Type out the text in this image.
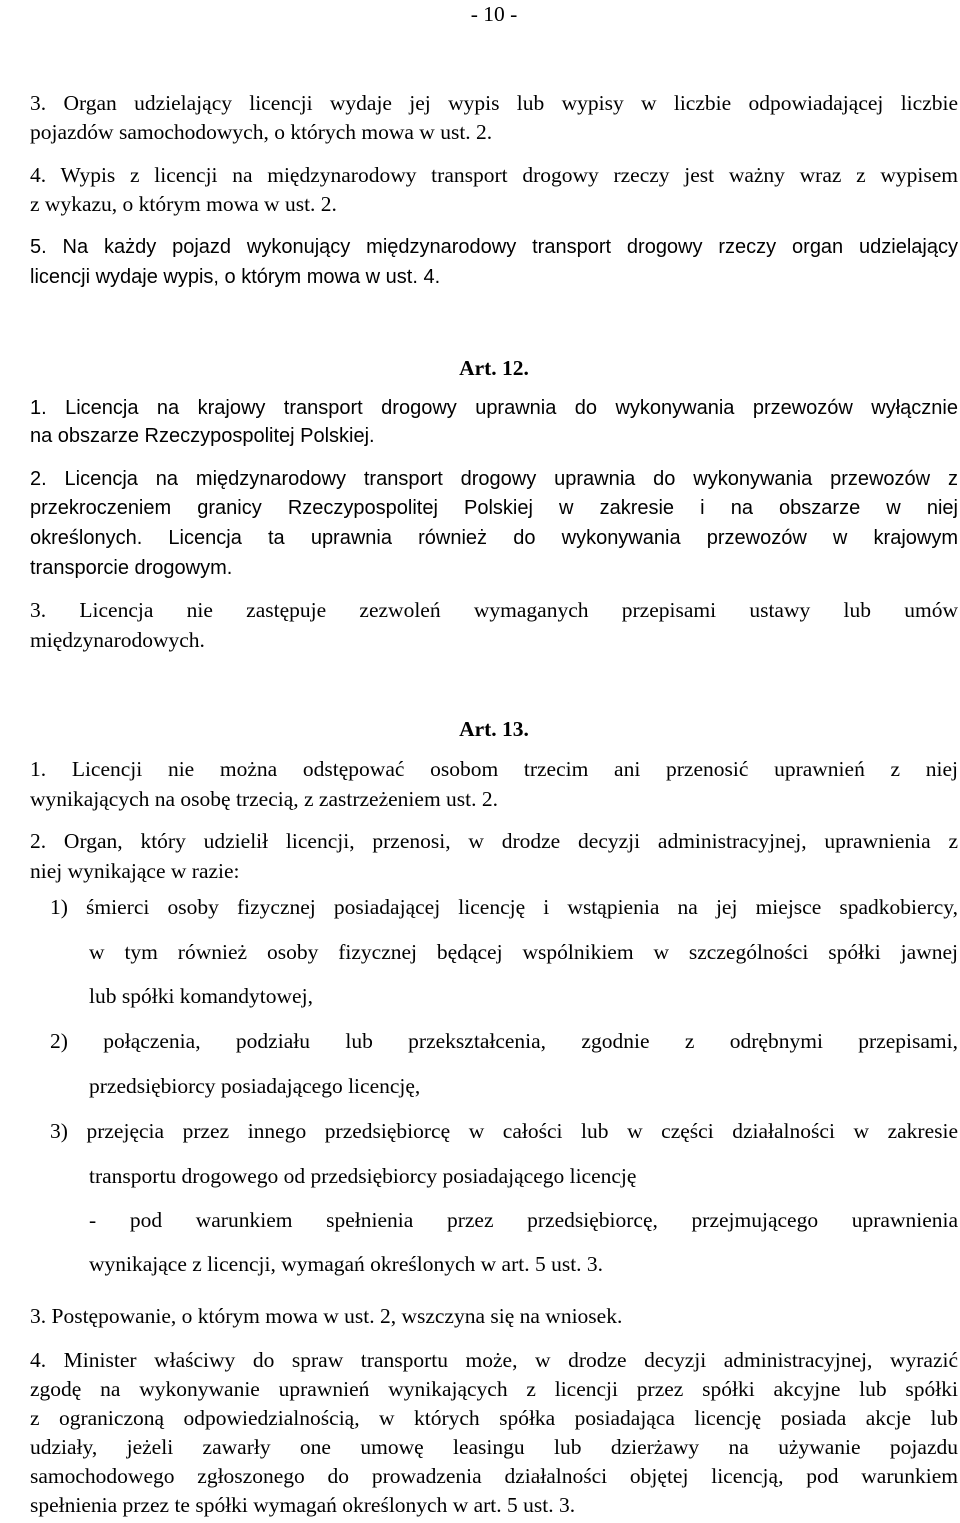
- 10 -
3. Organ udzielający licencji wydaje jej wypis lub wypisy w liczbie odpowiadającej liczbie
pojazdów samochodowych, o których mowa w ust. 2.
4. Wypis z licencji na międzynarodowy transport drogowy rzeczy jest ważny wraz z wypisem
z wykazu, o którym mowa w ust. 2.
5. Na każdy pojazd wykonujący międzynarodowy transport drogowy rzeczy organ udzielający
licencji wydaje wypis, o którym mowa w ust. 4.
Art. 12.
1. Licencja na krajowy transport drogowy uprawnia do wykonywania przewozów wyłącznie
na obszarze Rzeczypospolitej Polskiej.
2. Licencja na międzynarodowy transport drogowy uprawnia do wykonywania przewozów z
przekroczeniem granicy Rzeczypospolitej Polskiej w zakresie i na obszarze w niej
określonych. Licencja ta uprawnia również do wykonywania przewozów w krajowym
transporcie drogowym.
3. Licencja nie zastępuje zezwoleń wymaganych przepisami ustawy lub umów
międzynarodowych.
Art. 13.
1. Licencji nie można odstępować osobom trzecim ani przenosić uprawnień z niej
wynikających na osobę trzecią, z zastrzeżeniem ust. 2.
2. Organ, który udzielił licencji, przenosi, w drodze decyzji administracyjnej, uprawnienia z
niej wynikające w razie:
1) śmierci osoby fizycznej posiadającej licencję i wstąpienia na jej miejsce spadkobiercy,
w tym również osoby fizycznej będącej wspólnikiem w szczególności spółki jawnej
lub spółki komandytowej,
2) połączenia, podziału lub przekształcenia, zgodnie z odrębnymi przepisami,
przedsiębiorcy posiadającego licencję,
3) przejęcia przez innego przedsiębiorcę w całości lub w części działalności w zakresie
transportu drogowego od przedsiębiorcy posiadającego licencję
- pod warunkiem spełnienia przez przedsiębiorcę, przejmującego uprawnienia
wynikające z licencji, wymagań określonych w art. 5 ust. 3.
3. Postępowanie, o którym mowa w ust. 2, wszczyna się na wniosek.
4. Minister właściwy do spraw transportu może, w drodze decyzji administracyjnej, wyrazić
zgodę na wykonywanie uprawnień wynikających z licencji przez spółki akcyjne lub spółki
z ograniczoną odpowiedzialnością, w których spółka posiadająca licencję posiada akcje lub
udziały, jeżeli zawarły one umowę leasingu lub dzierżawy na używanie pojazdu
samochodowego zgłoszonego do prowadzenia działalności objętej licencją, pod warunkiem
spełnienia przez te spółki wymagań określonych w art. 5 ust. 3.
